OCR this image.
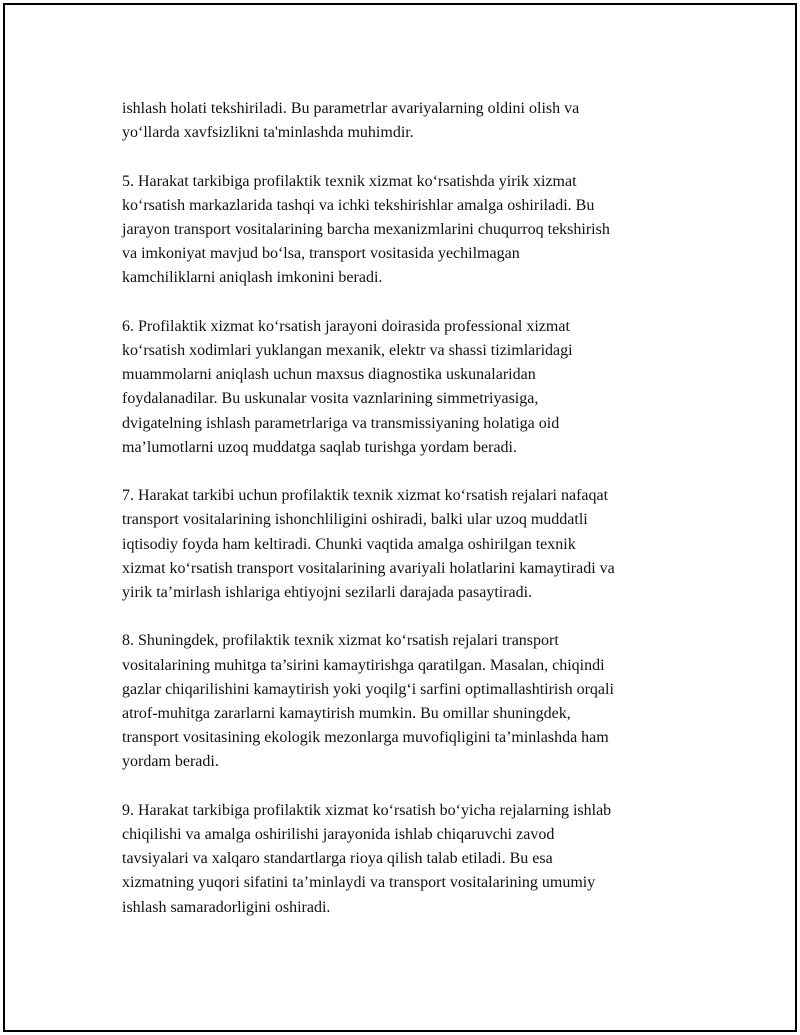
ishlash holati tekshiriladi. Bu parametrlar avariyalarning oldini olish va
yo‘llarda xavfsizlikni ta'minlashda muhimdir.

5. Harakat tarkibiga profilaktik texnik xizmat ko‘rsatishda yirik xizmat
ko‘rsatish markazlarida tashqi va ichki tekshirishlar amalga oshiriladi. Bu
jarayon transport vositalarining barcha mexanizmlarini chuqurroq tekshirish
va imkoniyat mavjud bo‘lsa, transport vositasida yechilmagan
kamchiliklarni aniqlash imkonini beradi.

6. Profilaktik xizmat ko‘rsatish jarayoni doirasida professional xizmat
ko‘rsatish xodimlari yuklangan mexanik, elektr va shassi tizimlaridagi
muammolarni aniqlash uchun maxsus diagnostika uskunalaridan
foydalanadilar. Bu uskunalar vosita vaznlarining simmetriyasiga,
dvigatelning ishlash parametrlariga va transmissiyaning holatiga oid
ma’lumotlarni uzoq muddatga saqlab turishga yordam beradi.

7. Harakat tarkibi uchun profilaktik texnik xizmat ko‘rsatish rejalari nafaqat
transport vositalarining ishonchliligini oshiradi, balki ular uzoq muddatli
iqtisodiy foyda ham keltiradi. Chunki vaqtida amalga oshirilgan texnik
xizmat ko‘rsatish transport vositalarining avariyali holatlarini kamaytiradi va
yirik ta’mirlash ishlariga ehtiyojni sezilarli darajada pasaytiradi.

8. Shuningdek, profilaktik texnik xizmat ko‘rsatish rejalari transport
vositalarining muhitga ta’sirini kamaytirishga qaratilgan. Masalan, chiqindi
gazlar chiqarilishini kamaytirish yoki yoqilg‘i sarfini optimallashtirish orqali
atrof-muhitga zararlarni kamaytirish mumkin. Bu omillar shuningdek,
transport vositasining ekologik mezonlarga muvofiqligini ta’minlashda ham
yordam beradi.

9. Harakat tarkibiga profilaktik xizmat ko‘rsatish bo‘yicha rejalarning ishlab
chiqilishi va amalga oshirilishi jarayonida ishlab chiqaruvchi zavod
tavsiyalari va xalqaro standartlarga rioya qilish talab etiladi. Bu esa
xizmatning yuqori sifatini ta’minlaydi va transport vositalarining umumiy
ishlash samaradorligini oshiradi.
